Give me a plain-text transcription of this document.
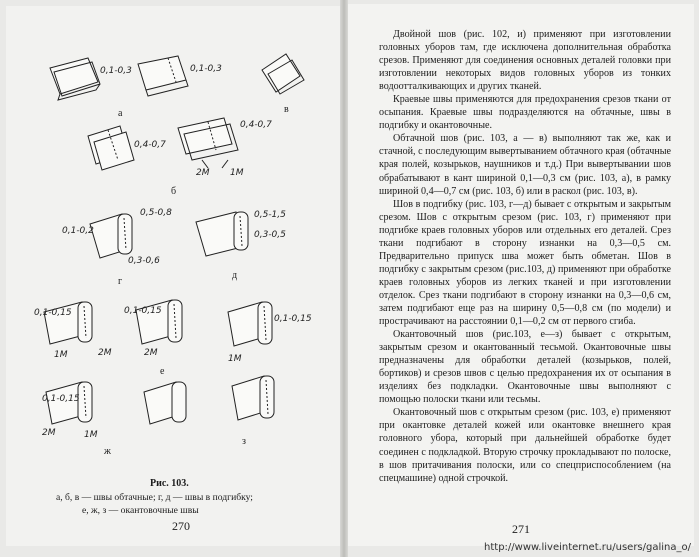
0,1-0,3	0,1-0,3
0,4-0,7
0,4-0,7
2М 1М
0,5-0,8
0,1-0,2
0,3-0,6
0,5-1,5
0,3-0,5
0,1-0,15	0,1-0,15
0,1-0,15
1М	2М	2М
1М
0,1-0,15
2М	1М
а	в
б
г
д
е
ж
з
Рис. 103.
а, б, в — швы обтачные; г, д — швы в подгибку;
е, ж, з — окантовочные швы
270

Двойной шов (рис. 102, и) применяют при изготовлении головных уборов там, где исключена дополнительная обработка срезов. Применяют для соединения основных деталей головки при изготовлении некоторых видов головных уборов из тонких водоотталкивающих и других тканей.

Краевые швы применяются для предохранения срезов ткани от осыпания. Краевые швы подразделяются на обтачные, швы в подгибку и окантовочные.

Обтачной шов (рис. 103, а — в) выполняют так же, как и стачной, с последующим вывертыванием обтачного края (обтачные края полей, козырьков, наушников и т.д.) При вывертывании шов обрабатывают в кант шириной 0,1—0,3 см (рис. 103, а), в рамку шириной 0,4—0,7 см (рис. 103, б) или в раскол (рис. 103, в).

Шов в подгибку (рис. 103, г—д) бывает с открытым и закрытым срезом. Шов с открытым срезом (рис. 103, г) применяют при подгибке краев головных уборов или отдельных его деталей. Срез ткани подгибают в сторону изнанки на 0,3—0,5 см. Предварительно припуск шва может быть обметан. Шов в подгибку с закрытым срезом (рис.103, д) применяют при обработке краев головных уборов из легких тканей и при изготовлении отделок. Срез ткани подгибают в сторону изнанки на 0,3—0,6 см, затем подгибают еще раз на ширину 0,5—0,8 см (по модели) и прострачивают на расстоянии 0,1—0,2 см от первого сгиба.

Окантовочный шов (рис.103, е—з) бывает с открытым, закрытым срезом и окантованный тесьмой. Окантовочные швы предназначены для обработки деталей (козырьков, полей, бортиков) и срезов швов с целью предохранения их от осыпания в изделиях без подкладки. Окантовочные швы выполняют с помощью полоски ткани или тесьмы.

Окантовочный шов с открытым срезом (рис. 103, е) применяют при окантовке деталей кожей или окантовке внешнего края головного убора, который при дальнейшей обработке будет соединен с подкладкой. Вторую строчку прокладывают по полоске, в шов притачивания полоски, или со спецприспособлением (на спецмашине) одной строчкой.

271
http://www.liveinternet.ru/users/galina_o/
